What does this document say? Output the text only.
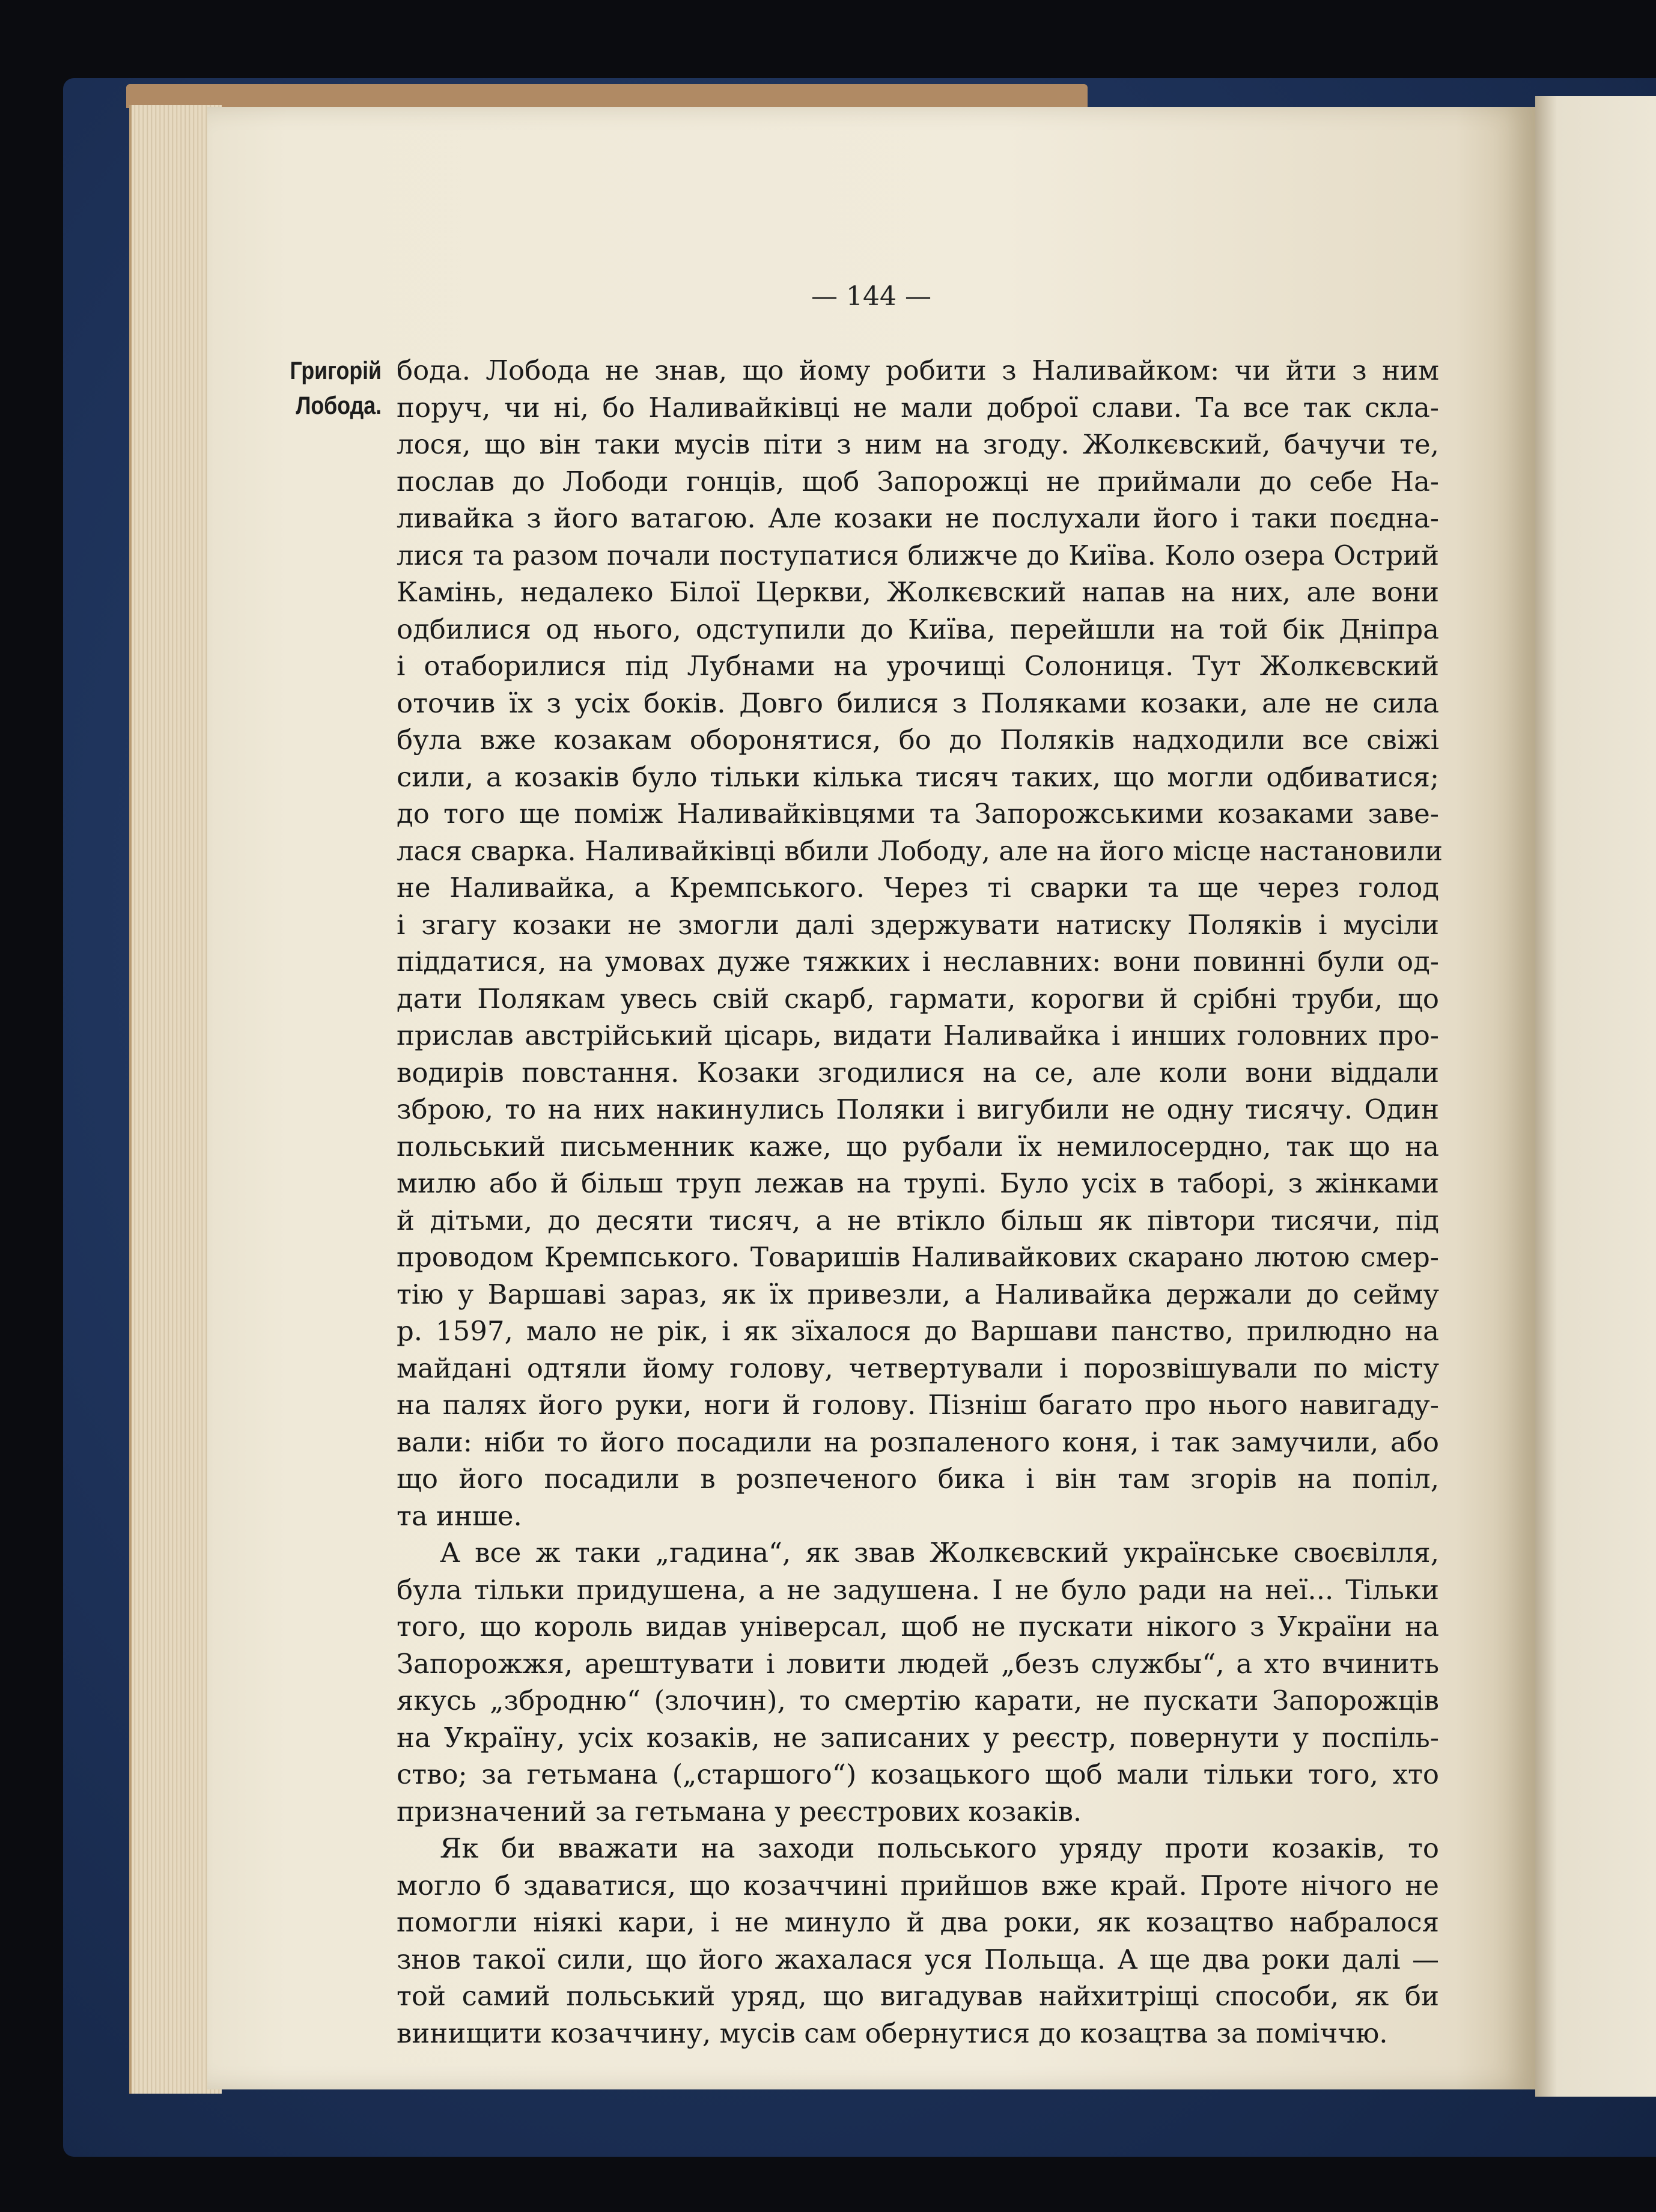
— 144 —
Григорій
Лобода.

бода. Лобода не знав, що йому робити з Наливайком: чи йти з ним
поруч, чи ні, бо Наливайківці не мали доброї слави. Та все так скла-
лося, що він таки мусів піти з ним на згоду. Жолкєвский, бачучи те,
послав до Лободи гонців, щоб Запорожці не приймали до себе На-
ливайка з його ватагою. Але козаки не послухали його і таки поєдна-
лися та разом почали поступатися ближче до Київа. Коло озера Острий
Камінь, недалеко Білої Церкви, Жолкєвский напав на них, але вони
одбилися од нього, одступили до Київа, перейшли на той бік Дніпра
і отаборилися під Лубнами на урочищі Солониця. Тут Жолкєвский
оточив їх з усіх боків. Довго билися з Поляками козаки, але не сила
була вже козакам оборонятися, бо до Поляків надходили все свіжі
сили, а козаків було тільки кілька тисяч таких, що могли одбиватися;
до того ще поміж Наливайківцями та Запорожськими козаками заве-
лася сварка. Наливайківці вбили Лободу, але на його місце настановили
не Наливайка, а Кремпського. Через ті сварки та ще через голод
і згагу козаки не змогли далі здержувати натиску Поляків і мусіли
піддатися, на умовах дуже тяжких і неславних: вони повинні були од-
дати Полякам увесь свій скарб, гармати, корогви й срібні труби, що
прислав австрійський цісарь, видати Наливайка і инших головних про-
водирів повстання. Козаки згодилися на се, але коли вони віддали
зброю, то на них накинулись Поляки і вигубили не одну тисячу. Один
польський письменник каже, що рубали їх немилосердно, так що на
милю або й більш труп лежав на трупі. Було усіх в таборі, з жінками
й дітьми, до десяти тисяч, а не втікло більш як півтори тисячи, під
проводом Кремпського. Товаришів Наливайкових скарано лютою смер-
тію у Варшаві зараз, як їх привезли, а Наливайка держали до сейму
р. 1597, мало не рік, і як зїхалося до Варшави панство, прилюдно на
майдані одтяли йому голову, четвертували і порозвішували по місту
на палях його руки, ноги й голову. Пізніш багато про нього навигаду-
вали: ніби то його посадили на розпаленого коня, і так замучили, або
що його посадили в розпеченого бика і він там згорів на попіл,
та инше.

А все ж таки „гадина“, як звав Жолкєвский українське своєвілля,
була тільки придушена, а не задушена. І не було ради на неї... Тільки
того, що король видав універсал, щоб не пускати нікого з України на
Запорожжя, арештувати і ловити людей „безъ службы“, а хто вчинить
якусь „збродню“ (злочин), то смертію карати, не пускати Запорожців
на Україну, усіх козаків, не записаних у реєстр, повернути у поспіль-
ство; за гетьмана („старшого“) козацького щоб мали тільки того, хто
призначений за гетьмана у реєстрових козаків.

Як би вважати на заходи польського уряду проти козаків, то
могло б здаватися, що козаччині прийшов вже край. Проте нічого не
помогли ніякі кари, і не минуло й два роки, як козацтво набралося
знов такої сили, що його жахалася уся Польща. А ще два роки далі —
той самий польський уряд, що вигадував найхитріщі способи, як би
винищити козаччину, мусів сам обернутися до козацтва за поміччю.
